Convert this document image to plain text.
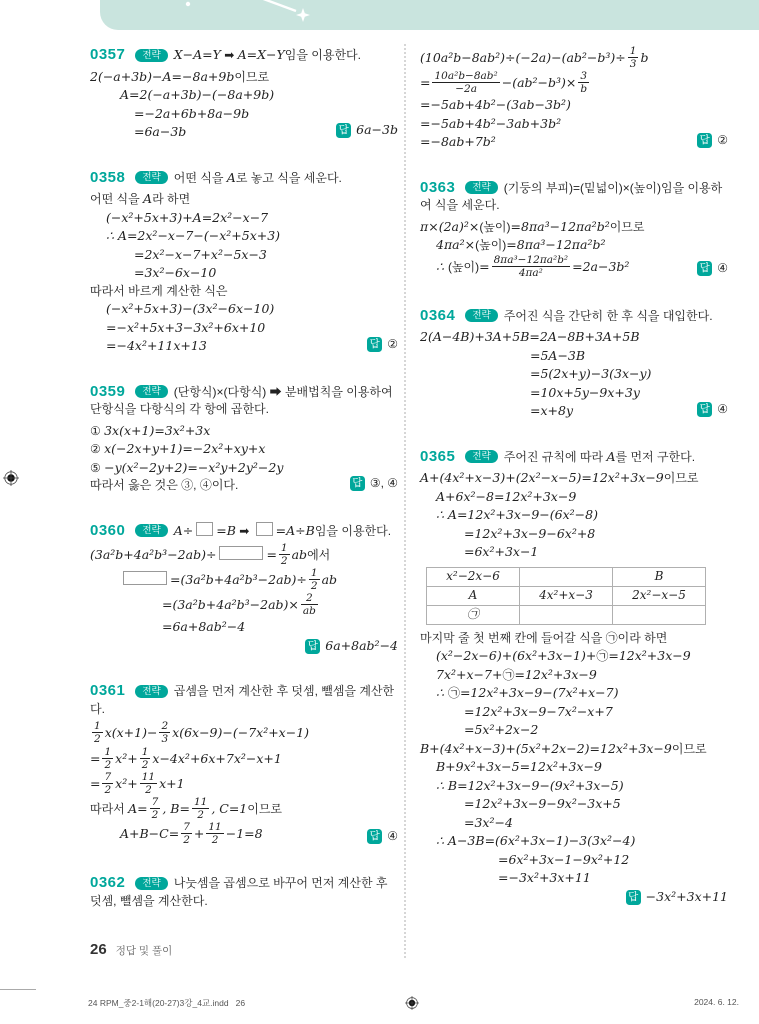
0357 전략 X−A=Y ➡ A=X−Y임을 이용한다.
2(−a+3b)−A=−8a+9b이므로
A=2(−a+3b)−(−8a+9b)
=−2a+6b+8a−9b
=6a−3b	답 6a−3b
0358 전략 어떤 식을 A로 놓고 식을 세운다.
어떤 식을 A라 하면
(−x²+5x+3)+A=2x²−x−7
∴ A=2x²−x−7−(−x²+5x+3)
=2x²−x−7+x²−5x−3
=3x²−6x−10
따라서 바르게 계산한 식은
(−x²+5x+3)−(3x²−6x−10)
=−x²+5x+3−3x²+6x+10
=−4x²+11x+13	답 ②
0359 전략 (단항식)×(다항식) ➡ 분배법칙을 이용하여 단항식을 다항식의 각 항에 곱한다.
① 3x(x+1)=3x²+3x
② x(−2x+y+1)=−2x²+xy+x
⑤ −y(x²−2y+2)=−x²y+2y²−2y
따라서 옳은 것은 ③, ④이다.	답 ③, ④
0360 전략 A÷ =B ➡ =A÷B임을 이용한다.
(3a²b+4a²b³−2ab)÷	= $\frac{1}{2}$ ab에서
$=(3a^2b+4a^2b^3-2ab)\div \frac{1}{2}$ ab
$=(3a^2b+4a^2b^3-2ab)\times \frac{2}{ab}$
=6a+8ab²−4
답 6a+8ab²−4
0361 전략 곱셈을 먼저 계산한 후 덧셈, 뺄셈을 계산한다.
$\frac{1}{2} x(x+1)- \frac{2}{3} x(6x-9)-(-7x^2+x-1)$
= $\frac{1}{2} x^2+ \frac{1}{2} x-4x^2+6x+7x^2-x+1$
= $\frac{7}{2} x^2+ \frac{11}{2} x+1$
따라서 $A= \frac{7}{2}$ , $B= \frac{11}{2}$ , C=1이므로
$A+B-C= \frac{7}{2} + \frac{11}{2} -1=8$	답 ④
0362 전략 나눗셈을 곱셈으로 바꾸어 먼저 계산한 후 덧셈, 뺄셈을 계산한다.
$(10a^2b-8ab^2)\div(-2a)-(ab^2-b^3)\div \frac{1}{3}$ b
= $\frac{\text{10a²b−8ab²}}{-2a} -(ab^2-b^3)\times \frac{3}{b}$
=−5ab+4b²−(3ab−3b²)
=−5ab+4b²−3ab+3b²
=−8ab+7b²	답 ②
0363 전략 (기둥의 부피)=(밑넓이)×(높이)임을 이용하여 식을 세운다.
π×(2a)²×(높이)=8πa³−12πa²b²이므로
4πa²×(높이)=8πa³−12πa²b²
∴ (높이)= $\frac{\text{8πa³−12πa²b²}}{\text{4πa²}} =2a-3b^2$	답 ④
0364 전략 주어진 식을 간단히 한 후 식을 대입한다.
2(A−4B)+3A+5B=2A−8B+3A+5B
=5A−3B
=5(2x+y)−3(3x−y)
=10x+5y−9x+3y
=x+8y	답 ④
0365 전략 주어진 규칙에 따라 A를 먼저 구한다.
A+(4x²+x−3)+(2x²−x−5)=12x²+3x−9이므로
A+6x²−8=12x²+3x−9
∴ A=12x²+3x−9−(6x²−8)
=12x²+3x−9−6x²+8
=6x²+3x−1
x²−2x−6		B
A	4x²+x−3	2x²−x−5
㉠		
마지막 줄 첫 번째 칸에 들어갈 식을 ㉠이라 하면
(x²−2x−6)+(6x²+3x−1)+㉠=12x²+3x−9
7x²+x−7+㉠=12x²+3x−9
∴ ㉠=12x²+3x−9−(7x²+x−7)
=12x²+3x−9−7x²−x+7
=5x²+2x−2
B+(4x²+x−3)+(5x²+2x−2)=12x²+3x−9이므로
B+9x²+3x−5=12x²+3x−9
∴ B=12x²+3x−9−(9x²+3x−5)
=12x²+3x−9−9x²−3x+5
=3x²−4
∴ A−3B=(6x²+3x−1)−3(3x²−4)
=6x²+3x−1−9x²+12
=−3x²+3x+11
답 −3x²+3x+11
26 정답 및 풀이
24 RPM_중2-1해(20-27)3강_4교.indd   26	2024. 6. 12.
